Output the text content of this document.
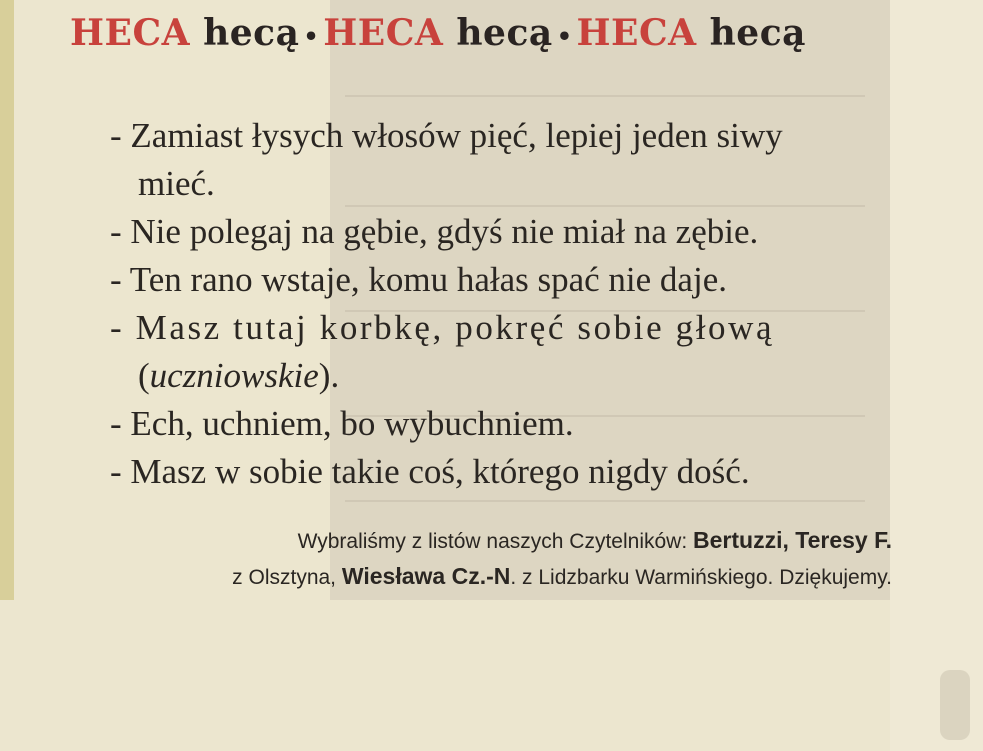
HECA hecą • HECA hecą • HECA hecą
- Zamiast łysych włosów pięć, lepiej jeden siwy
mieć.
- Nie polegaj na gębie, gdyś nie miał na zębie.
- Ten rano wstaje, komu hałas spać nie daje.
- Masz tutaj korbkę, pokręć sobie głową
(uczniowskie).
- Ech, uchniem, bo wybuchniem.
- Masz w sobie takie coś, którego nigdy dość.
Wybraliśmy z listów naszych Czytelników: Bertuzzi, Teresy F.
z Olsztyna, Wiesława Cz.-N. z Lidzbarku Warmińskiego. Dziękujemy.
